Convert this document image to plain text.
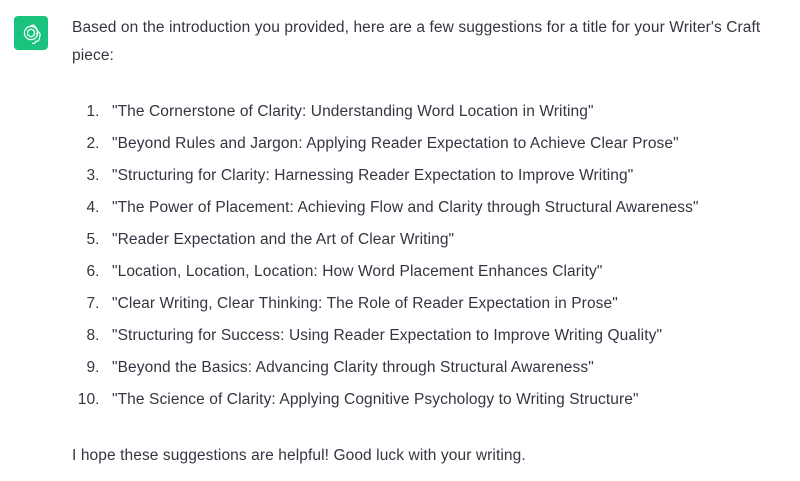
Based on the introduction you provided, here are a few suggestions for a title for your Writer's Craft piece:

1. "The Cornerstone of Clarity: Understanding Word Location in Writing"
2. "Beyond Rules and Jargon: Applying Reader Expectation to Achieve Clear Prose"
3. "Structuring for Clarity: Harnessing Reader Expectation to Improve Writing"
4. "The Power of Placement: Achieving Flow and Clarity through Structural Awareness"
5. "Reader Expectation and the Art of Clear Writing"
6. "Location, Location, Location: How Word Placement Enhances Clarity"
7. "Clear Writing, Clear Thinking: The Role of Reader Expectation in Prose"
8. "Structuring for Success: Using Reader Expectation to Improve Writing Quality"
9. "Beyond the Basics: Advancing Clarity through Structural Awareness"
10. "The Science of Clarity: Applying Cognitive Psychology to Writing Structure"

I hope these suggestions are helpful! Good luck with your writing.
